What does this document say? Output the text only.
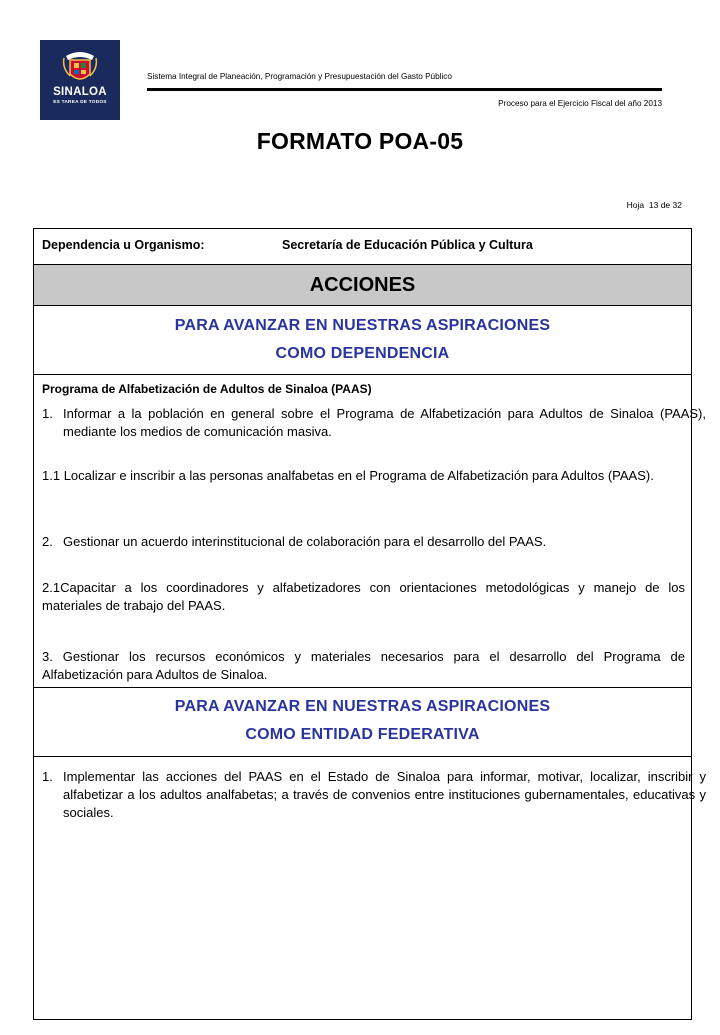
SINALOA
ES TAREA DE TODOS
Sistema Integral de Planeación, Programación y Presupuestación del Gasto Público
Proceso para el Ejercicio Fiscal del año 2013
FORMATO POA-05
Hoja 13 de 32
Dependencia u Organismo:	Secretaría de Educación Pública y Cultura
ACCIONES
PARA AVANZAR EN NUESTRAS ASPIRACIONES
COMO DEPENDENCIA
Programa de Alfabetización de Adultos de Sinaloa (PAAS)
1. Informar a la población en general sobre el Programa de Alfabetización para Adultos de Sinaloa (PAAS), mediante los medios de comunicación masiva.
1.1 Localizar e inscribir a las personas analfabetas en el Programa de Alfabetización para Adultos (PAAS).
2. Gestionar un acuerdo interinstitucional de colaboración para el desarrollo del PAAS.
2.1Capacitar a los coordinadores y alfabetizadores con orientaciones metodológicas y manejo de los materiales de trabajo del PAAS.
3. Gestionar los recursos económicos y materiales necesarios para el desarrollo del Programa de Alfabetización para Adultos de Sinaloa.
PARA AVANZAR EN NUESTRAS ASPIRACIONES
COMO ENTIDAD FEDERATIVA
1. Implementar las acciones del PAAS en el Estado de Sinaloa para informar, motivar, localizar, inscribir y alfabetizar a los adultos analfabetas; a través de convenios entre instituciones gubernamentales, educativas y sociales.
